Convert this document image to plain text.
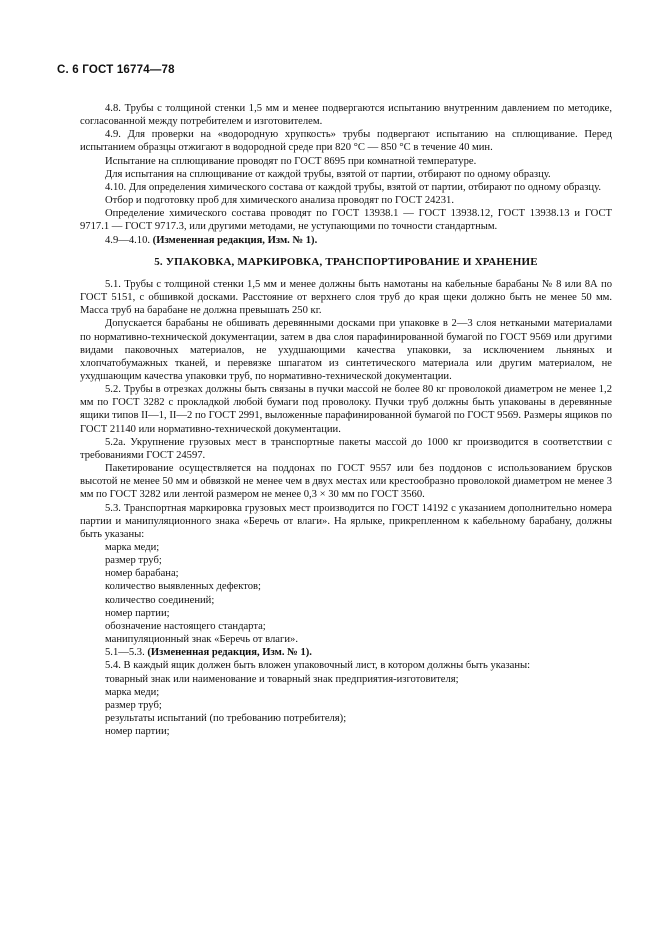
С. 6 ГОСТ 16774—78

4.8. Трубы с толщиной стенки 1,5 мм и менее подвергаются испытанию внутренним давлением по методике, согласованной между потребителем и изготовителем.

4.9. Для проверки на «водородную хрупкость» трубы подвергают испытанию на сплющивание. Перед испытанием образцы отжигают в водородной среде при 820 °С — 850 °С в течение 40 мин.

Испытание на сплющивание проводят по ГОСТ 8695 при комнатной температуре.

Для испытания на сплющивание от каждой трубы, взятой от партии, отбирают по одному образцу.

4.10. Для определения химического состава от каждой трубы, взятой от партии, отбирают по одному образцу.

Отбор и подготовку проб для химического анализа проводят по ГОСТ 24231.

Определение химического состава проводят по ГОСТ 13938.1 — ГОСТ 13938.12, ГОСТ 13938.13 и ГОСТ 9717.1 — ГОСТ 9717.3, или другими методами, не уступающими по точности стандартным.

4.9—4.10. (Измененная редакция, Изм. № 1).

5. УПАКОВКА, МАРКИРОВКА, ТРАНСПОРТИРОВАНИЕ И ХРАНЕНИЕ

5.1. Трубы с толщиной стенки 1,5 мм и менее должны быть намотаны на кабельные барабаны № 8 или 8А по ГОСТ 5151, с обшивкой досками. Расстояние от верхнего слоя труб до края щеки должно быть не менее 50 мм. Масса труб на барабане не должна превышать 250 кг.

Допускается барабаны не обшивать деревянными досками при упаковке в 2—3 слоя неткаными материалами по нормативно-технической документации, затем в два слоя парафинированной бумагой по ГОСТ 9569 или другими видами паковочных материалов, не ухудшающими качества упаковки, за исключением льняных и хлопчатобумажных тканей, и перевязке шпагатом из синтетического материала или другим материалом, не ухудшающим качества упаковки труб, по нормативно-технической документации.

5.2. Трубы в отрезках должны быть связаны в пучки массой не более 80 кг проволокой диаметром не менее 1,2 мм по ГОСТ 3282 с прокладкой любой бумаги под проволоку. Пучки труб должны быть упакованы в деревянные ящики типов II—1, II—2 по ГОСТ 2991, выложенные парафинированной бумагой по ГОСТ 9569. Размеры ящиков по ГОСТ 21140 или нормативно-технической документации.

5.2а. Укрупнение грузовых мест в транспортные пакеты массой до 1000 кг производится в соответствии с требованиями ГОСТ 24597.

Пакетирование осуществляется на поддонах по ГОСТ 9557 или без поддонов с использованием брусков высотой не менее 50 мм и обвязкой не менее чем в двух местах или крестообразно проволокой диаметром не менее 3 мм по ГОСТ 3282 или лентой размером не менее 0,3 × 30 мм по ГОСТ 3560.

5.3. Транспортная маркировка грузовых мест производится по ГОСТ 14192 с указанием дополнительно номера партии и манипуляционного знака «Беречь от влаги». На ярлыке, прикрепленном к кабельному барабану, должны быть указаны:

марка меди;

размер труб;

номер барабана;

количество выявленных дефектов;

количество соединений;

номер партии;

обозначение настоящего стандарта;

манипуляционный знак «Беречь от влаги».

5.1—5.3. (Измененная редакция, Изм. № 1).

5.4. В каждый ящик должен быть вложен упаковочный лист, в котором должны быть указаны:

товарный знак или наименование и товарный знак предприятия-изготовителя;

марка меди;

размер труб;

результаты испытаний (по требованию потребителя);

номер партии;
